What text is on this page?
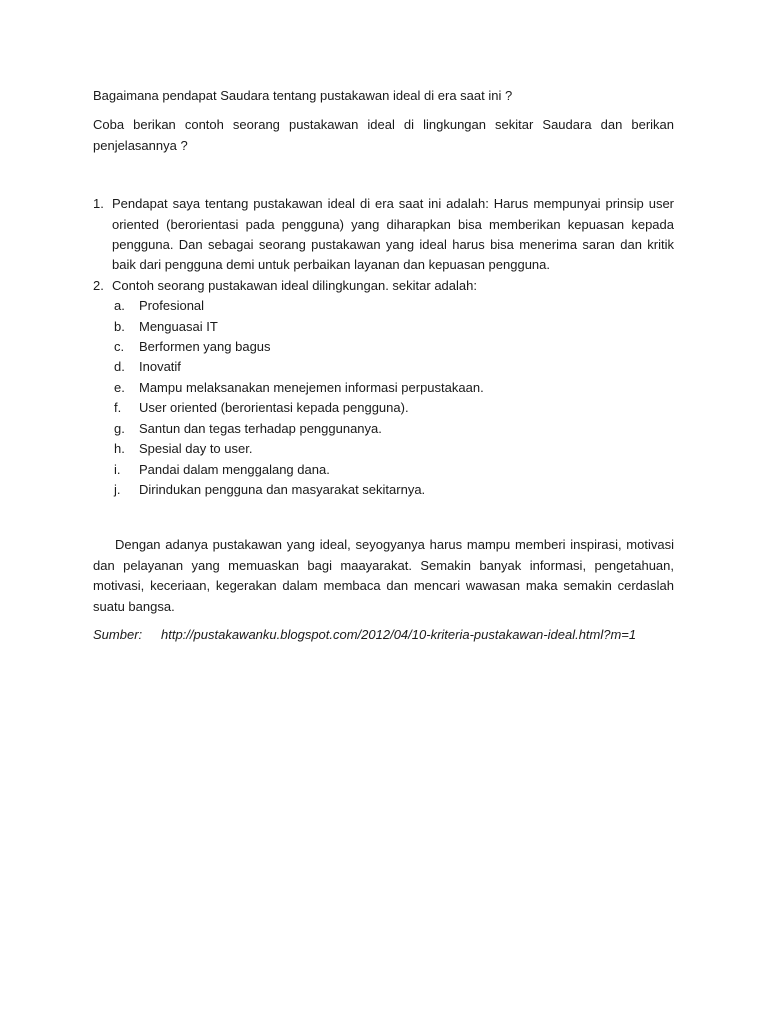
Bagaimana pendapat Saudara tentang pustakawan ideal di era saat ini ?

Coba berikan contoh seorang pustakawan ideal di lingkungan sekitar Saudara dan berikan penjelasannya ?

1. Pendapat saya tentang pustakawan ideal di era saat ini adalah: Harus mempunyai prinsip user oriented (berorientasi pada pengguna) yang diharapkan bisa memberikan kepuasan kepada pengguna. Dan sebagai seorang pustakawan yang ideal harus bisa menerima saran dan kritik baik dari pengguna demi untuk perbaikan layanan dan kepuasan pengguna.
2. Contoh seorang pustakawan ideal dilingkungan. sekitar adalah:
a. Profesional
b. Menguasai IT
c. Berformen yang bagus
d. Inovatif
e. Mampu melaksanakan menejemen informasi perpustakaan.
f. User oriented (berorientasi kepada pengguna).
g. Santun dan tegas terhadap penggunanya.
h. Spesial day to user.
i. Pandai dalam menggalang dana.
j. Dirindukan pengguna dan masyarakat sekitarnya.

Dengan adanya pustakawan yang ideal, seyogyanya harus mampu memberi inspirasi, motivasi dan pelayanan yang memuaskan bagi maayarakat. Semakin banyak informasi, pengetahuan, motivasi, keceriaan, kegerakan dalam membaca dan mencari wawasan maka semakin cerdaslah suatu bangsa.

Sumber: http://pustakawanku.blogspot.com/2012/04/10-kriteria-pustakawan-ideal.html?m=1
